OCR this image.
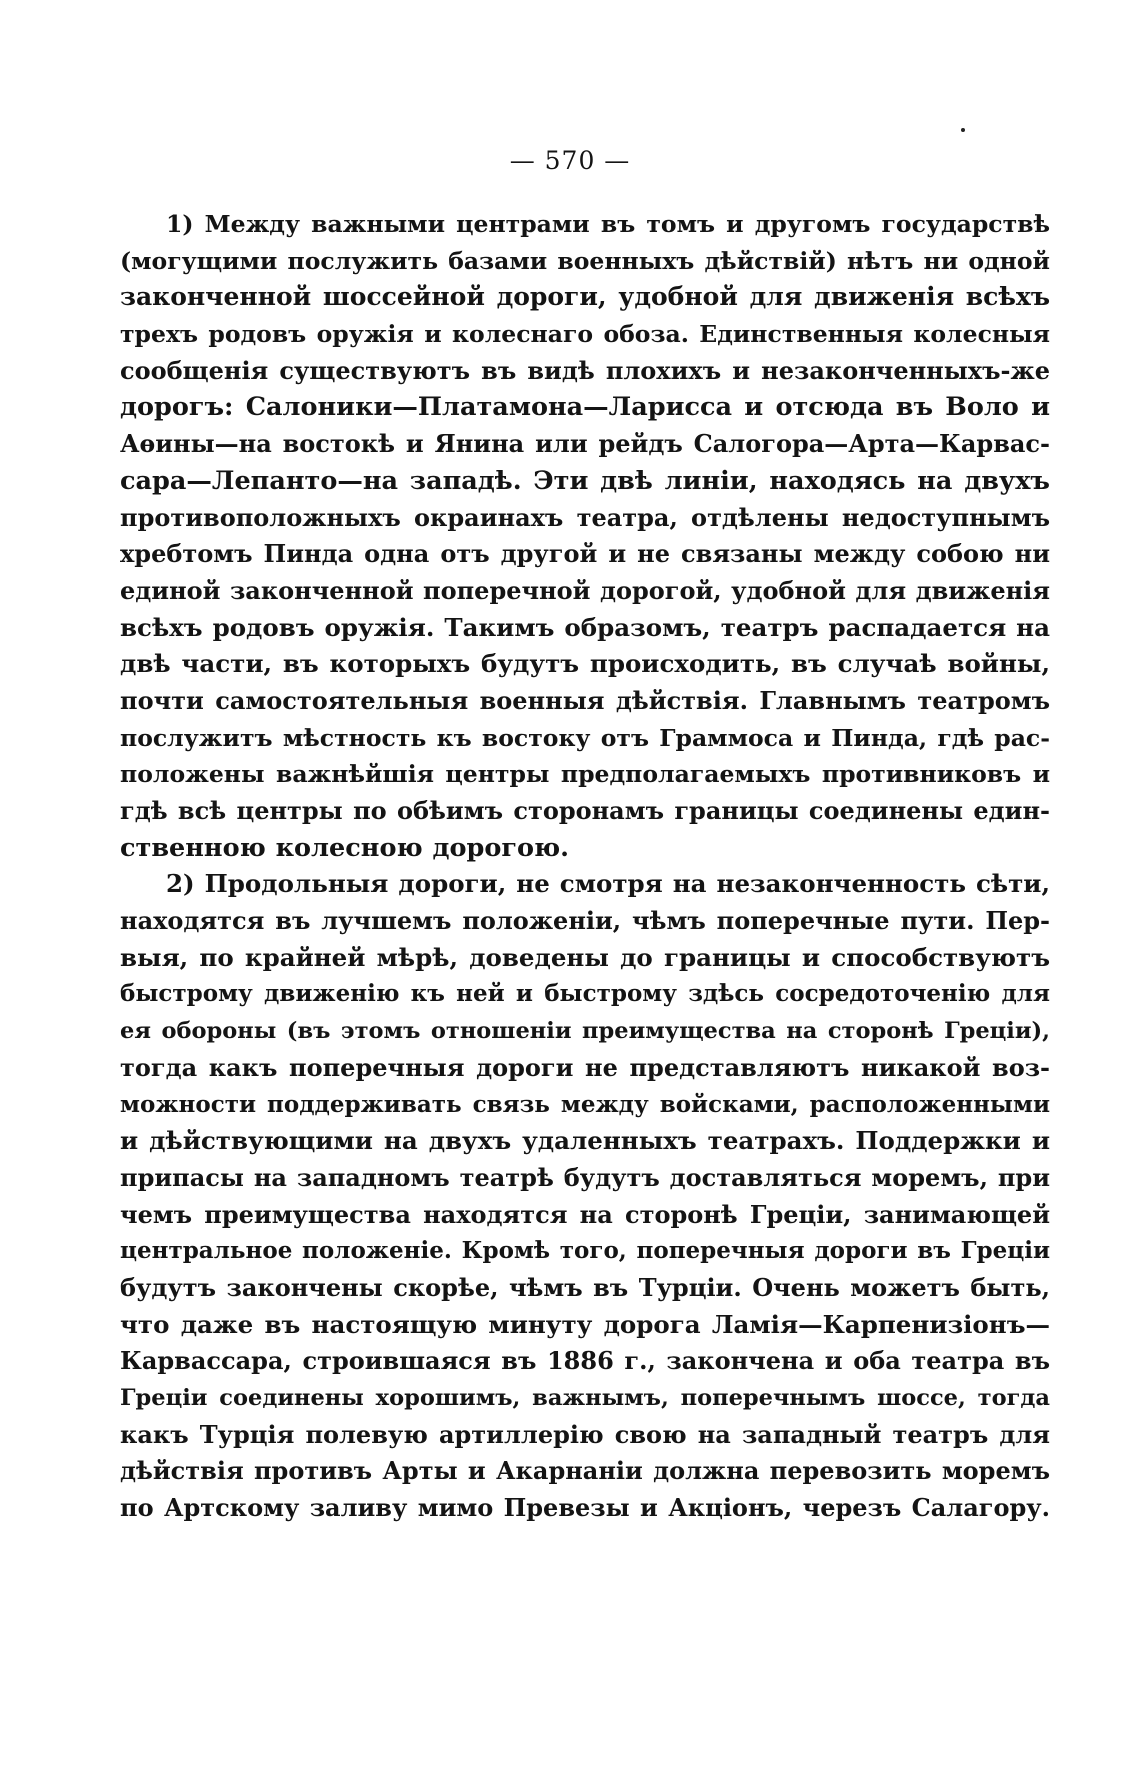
— 570 —
1) Между важными центрами въ томъ и другомъ государствѣ
(могущими послужить базами военныхъ дѣйствій) нѣтъ ни одной
законченной шоссейной дороги, удобной для движенія всѣхъ
трехъ родовъ оружія и колеснаго обоза. Единственныя колесныя
сообщенія существуютъ въ видѣ плохихъ и незаконченныхъ-же
дорогъ: Салоники—Платамона—Ларисса и отсюда въ Воло и
Аѳины—на востокѣ и Янина или рейдъ Салогора—Арта—Карвас-
сара—Лепанто—на западѣ. Эти двѣ линіи, находясь на двухъ
противоположныхъ окраинахъ театра, отдѣлены недоступнымъ
хребтомъ Пинда одна отъ другой и не связаны между собою ни
единой законченной поперечной дорогой, удобной для движенія
всѣхъ родовъ оружія. Такимъ образомъ, театръ распадается на
двѣ части, въ которыхъ будутъ происходить, въ случаѣ войны,
почти самостоятельныя военныя дѣйствія. Главнымъ театромъ
послужитъ мѣстность къ востоку отъ Граммоса и Пинда, гдѣ рас-
положены важнѣйшія центры предполагаемыхъ противниковъ и
гдѣ всѣ центры по обѣимъ сторонамъ границы соединены един-
ственною колесною дорогою.
2) Продольныя дороги, не смотря на незаконченность сѣти,
находятся въ лучшемъ положеніи, чѣмъ поперечные пути. Пер-
выя, по крайней мѣрѣ, доведены до границы и способствуютъ
быстрому движенію къ ней и быстрому здѣсь сосредоточенію для
ея обороны (въ этомъ отношеніи преимущества на сторонѣ Греціи),
тогда какъ поперечныя дороги не представляютъ никакой воз-
можности поддерживать связь между войсками, расположенными
и дѣйствующими на двухъ удаленныхъ театрахъ. Поддержки и
припасы на западномъ театрѣ будутъ доставляться моремъ, при
чемъ преимущества находятся на сторонѣ Греціи, занимающей
центральное положеніе. Кромѣ того, поперечныя дороги въ Греціи
будутъ закончены скорѣе, чѣмъ въ Турціи. Очень можетъ быть,
что даже въ настоящую минуту дорога Ламія—Карпенизіонъ—
Карвассара, строившаяся въ 1886 г., закончена и оба театра въ
Греціи соединены хорошимъ, важнымъ, поперечнымъ шоссе, тогда
какъ Турція полевую артиллерію свою на западный театръ для
дѣйствія противъ Арты и Акарнаніи должна перевозить моремъ
по Артскому заливу мимо Превезы и Акціонъ, черезъ Салагору.
